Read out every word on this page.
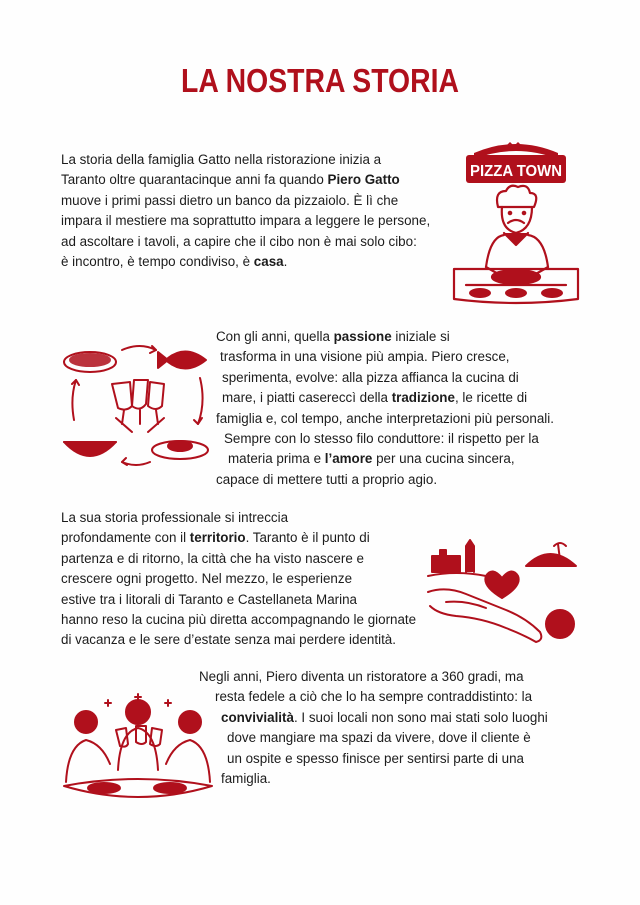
LA NOSTRA STORIA
La storia della famiglia Gatto nella ristorazione inizia a
Taranto oltre quarantacinque anni fa quando Piero Gatto
muove i primi passi dietro un banco da pizzaiolo. È lì che
impara il mestiere ma soprattutto impara a leggere le persone,
ad ascoltare i tavoli, a capire che il cibo non è mai solo cibo:
è incontro, è tempo condiviso, è casa.
PIZZA TOWN
Con gli anni, quella passione iniziale si
trasforma in una visione più ampia. Piero cresce,
sperimenta, evolve: alla pizza affianca la cucina di
mare, i piatti casereccì della tradizione, le ricette di
famiglia e, col tempo, anche interpretazioni più personali.
Sempre con lo stesso filo conduttore: il rispetto per la
materia prima e l’amore per una cucina sincera,
capace di mettere tutti a proprio agio.
La sua storia professionale si intreccia
profondamente con il territorio. Taranto è il punto di
partenza e di ritorno, la città che ha visto nascere e
crescere ogni progetto. Nel mezzo, le esperienze
estive tra i litorali di Taranto e Castellaneta Marina
hanno reso la cucina più diretta accompagnando le giornate
di vacanza e le sere d’estate senza mai perdere identità.
Negli anni, Piero diventa un ristoratore a 360 gradi, ma
resta fedele a ciò che lo ha sempre contraddistinto: la
convivialità. I suoi locali non sono mai stati solo luoghi
dove mangiare ma spazi da vivere, dove il cliente è
un ospite e spesso finisce per sentirsi parte di una
famiglia.
